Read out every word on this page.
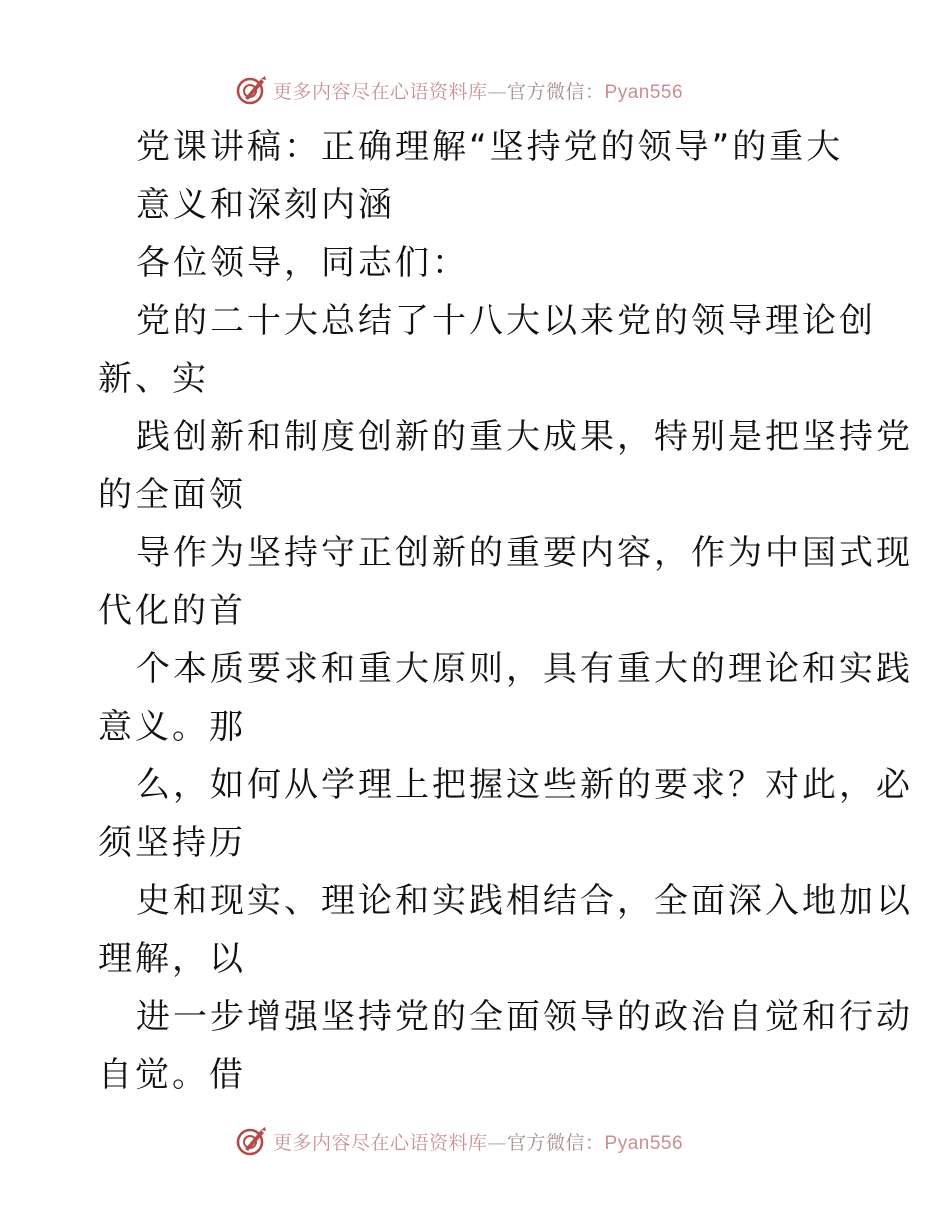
更多内容尽在心语资料库—官方微信：Pyan556
党课讲稿：正确理解“坚持党的领导”的重大
意义和深刻内涵
各位领导，同志们：
党的二十大总结了十八大以来党的领导理论创
新、实
践创新和制度创新的重大成果，特别是把坚持党
的全面领
导作为坚持守正创新的重要内容，作为中国式现
代化的首
个本质要求和重大原则，具有重大的理论和实践
意义。那
么，如何从学理上把握这些新的要求？对此，必
须坚持历
史和现实、理论和实践相结合，全面深入地加以
理解，以
进一步增强坚持党的全面领导的政治自觉和行动
自觉。借
更多内容尽在心语资料库—官方微信：Pyan556
